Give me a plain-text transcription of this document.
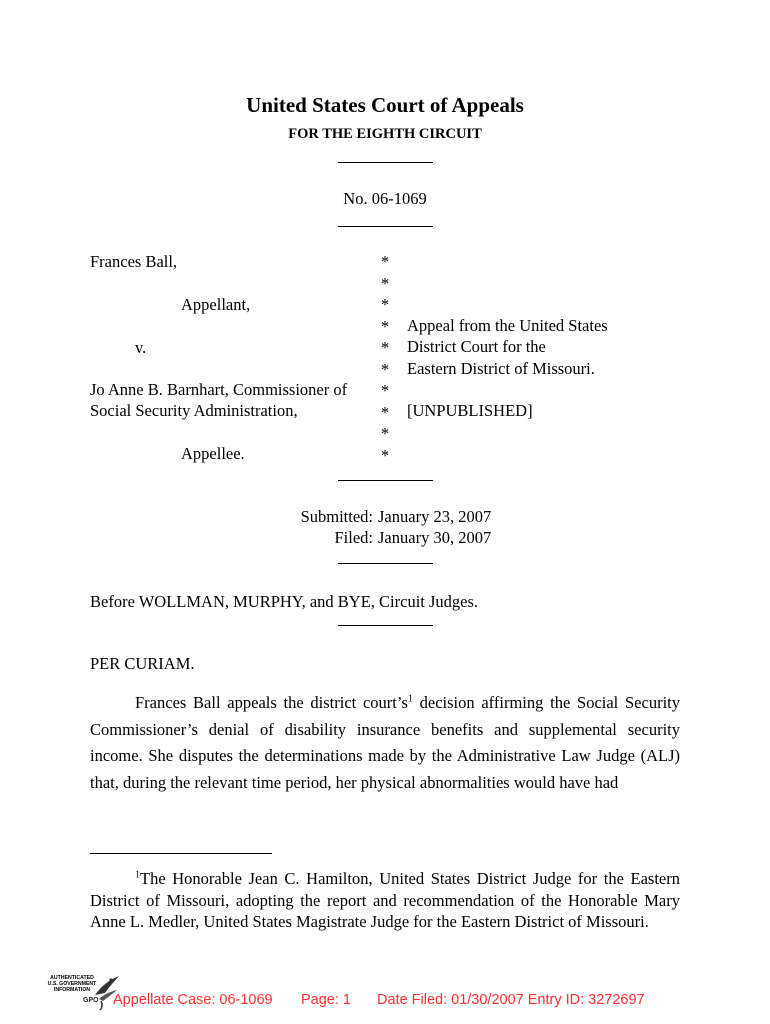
United States Court of Appeals
FOR THE EIGHTH CIRCUIT
No. 06-1069
Frances Ball,
Appellant,
v.
Jo Anne B. Barnhart, Commissioner of
Social Security Administration,
Appellee.
*
*
*
*
*
*
*
*
*
*
Appeal from the United States
District Court for the
Eastern District of Missouri.
[UNPUBLISHED]
Submitted: January 23, 2007
Filed: January 30, 2007
Before WOLLMAN, MURPHY, and BYE, Circuit Judges.
PER CURIAM.
Frances Ball appeals the district $court’s^1$ decision affirming the Social Security Commissioner’s denial of disability insurance benefits and supplemental security income. She disputes the determinations made by the Administrative Law Judge (ALJ) that, during the relevant time period, her physical abnormalities would have had
$^1$The Honorable Jean C. Hamilton, United States District Judge for the Eastern District of Missouri, adopting the report and recommendation of the Honorable Mary Anne L. Medler, United States Magistrate Judge for the Eastern District of Missouri.
AUTHENTICATED
U.S. GOVERNMENT
INFORMATION
GPO Appellate Case: 06-1069 Page: 1 Date Filed: 01/30/2007 Entry ID: 3272697
